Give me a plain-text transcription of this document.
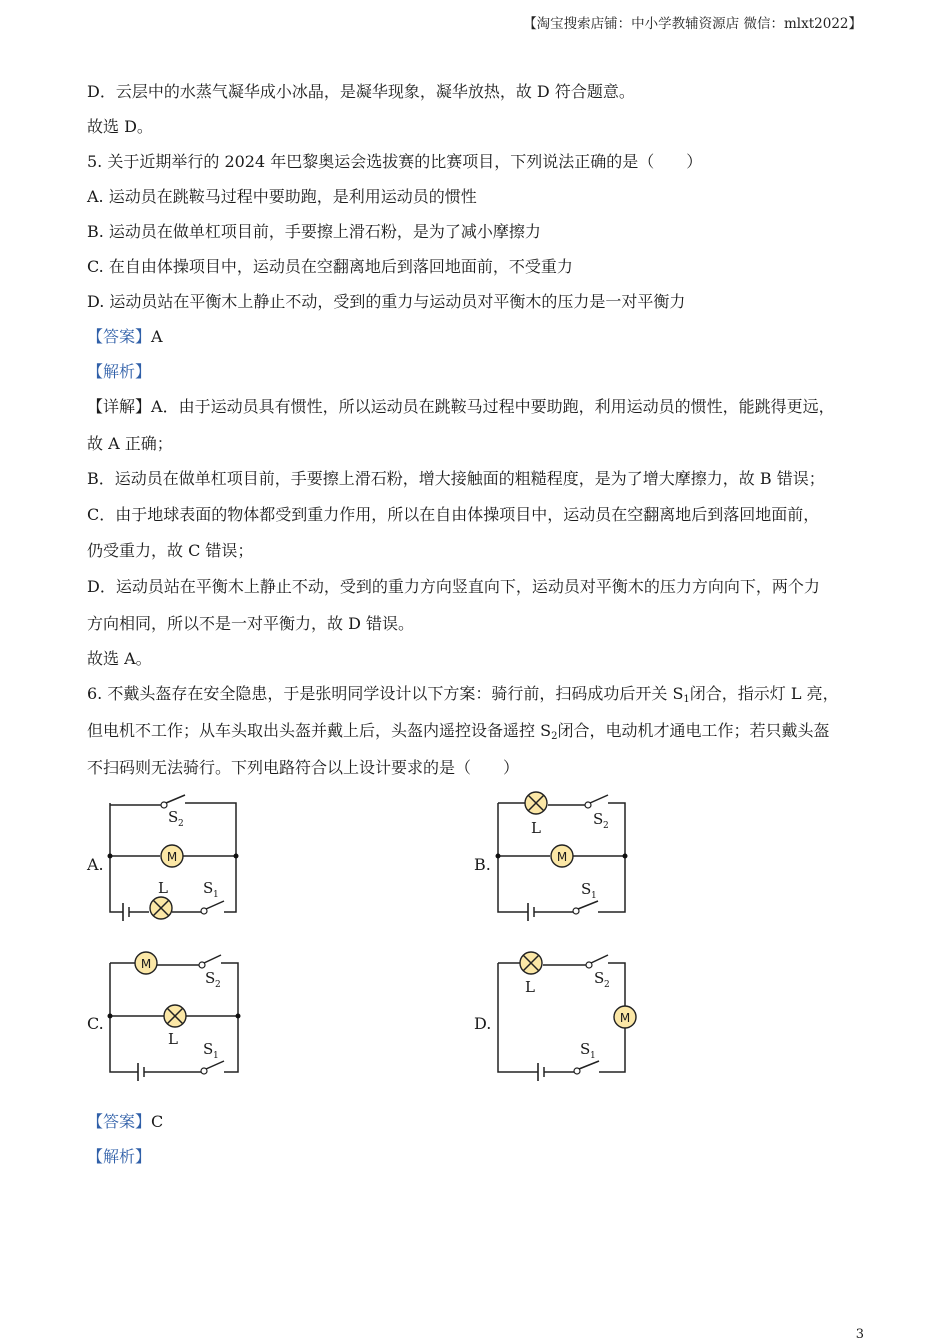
【淘宝搜索店铺：中小学教辅资源店 微信：mlxt2022】
D．云层中的水蒸气凝华成小冰晶，是凝华现象，凝华放热，故 D 符合题意。
故选 D。
5. 关于近期举行的 2024 年巴黎奥运会选拔赛的比赛项目，下列说法正确的是（　　）
A. 运动员在跳鞍马过程中要助跑，是利用运动员的惯性
B. 运动员在做单杠项目前，手要擦上滑石粉，是为了减小摩擦力
C. 在自由体操项目中，运动员在空翻离地后到落回地面前，不受重力
D. 运动员站在平衡木上静止不动，受到的重力与运动员对平衡木的压力是一对平衡力
【答案】A
【解析】
【详解】A．由于运动员具有惯性，所以运动员在跳鞍马过程中要助跑，利用运动员的惯性，能跳得更远，
故 A 正确；
B．运动员在做单杠项目前，手要擦上滑石粉，增大接触面的粗糙程度，是为了增大摩擦力，故 B 错误；
C．由于地球表面的物体都受到重力作用，所以在自由体操项目中，运动员在空翻离地后到落回地面前，
仍受重力，故 C 错误；
D．运动员站在平衡木上静止不动，受到的重力方向竖直向下，运动员对平衡木的压力方向向下，两个力
方向相同，所以不是一对平衡力，故 D 错误。
故选 A。
6. 不戴头盔存在安全隐患，于是张明同学设计以下方案：骑行前，扫码成功后开关 $S_1$闭合，指示灯 L 亮，
但电机不工作；从车头取出头盔并戴上后，头盔内遥控设备遥控 $S_2$闭合，电动机才通电工作；若只戴头盔
不扫码则无法骑行。下列电路符合以上设计要求的是（　　）
A.	B.
C.	D.
M
S 2
L S 1
M
L	S 2
S 1
M
S 2
L
S 1
M
L	S 2
S 1
【答案】C
【解析】
3
